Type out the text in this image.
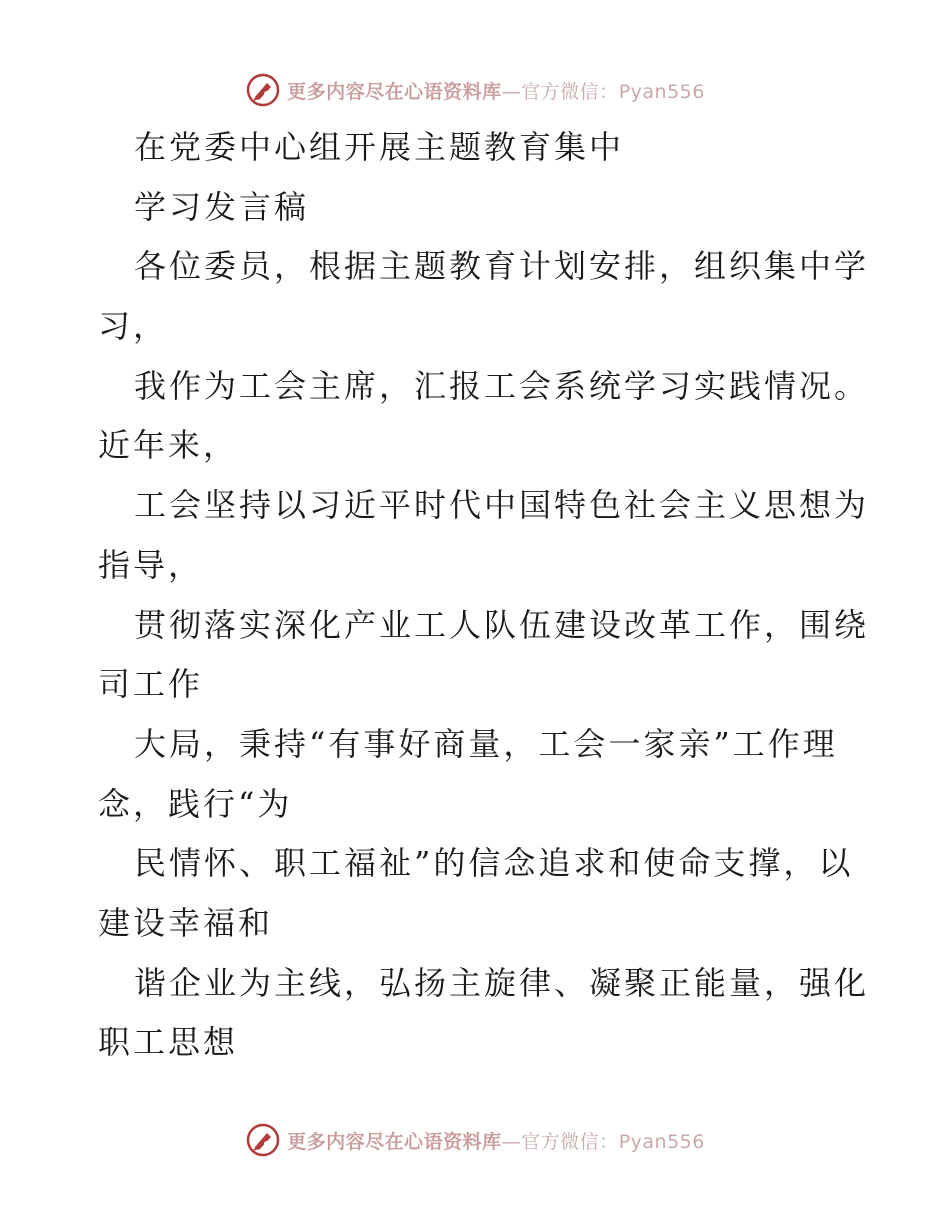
更多内容尽在心语资料库—官方微信：Pyan556
在党委中心组开展主题教育集中
学习发言稿
各位委员，根据主题教育计划安排，组织集中学
习，
我作为工会主席，汇报工会系统学习实践情况。
近年来，
工会坚持以习近平时代中国特色社会主义思想为
指导，
贯彻落实深化产业工人队伍建设改革工作，围绕
司工作
大局，秉持“有事好商量，工会一家亲”工作理
念，践行“为
民情怀、职工福祉”的信念追求和使命支撑，以
建设幸福和
谐企业为主线，弘扬主旋律、凝聚正能量，强化
职工思想
更多内容尽在心语资料库—官方微信：Pyan556
